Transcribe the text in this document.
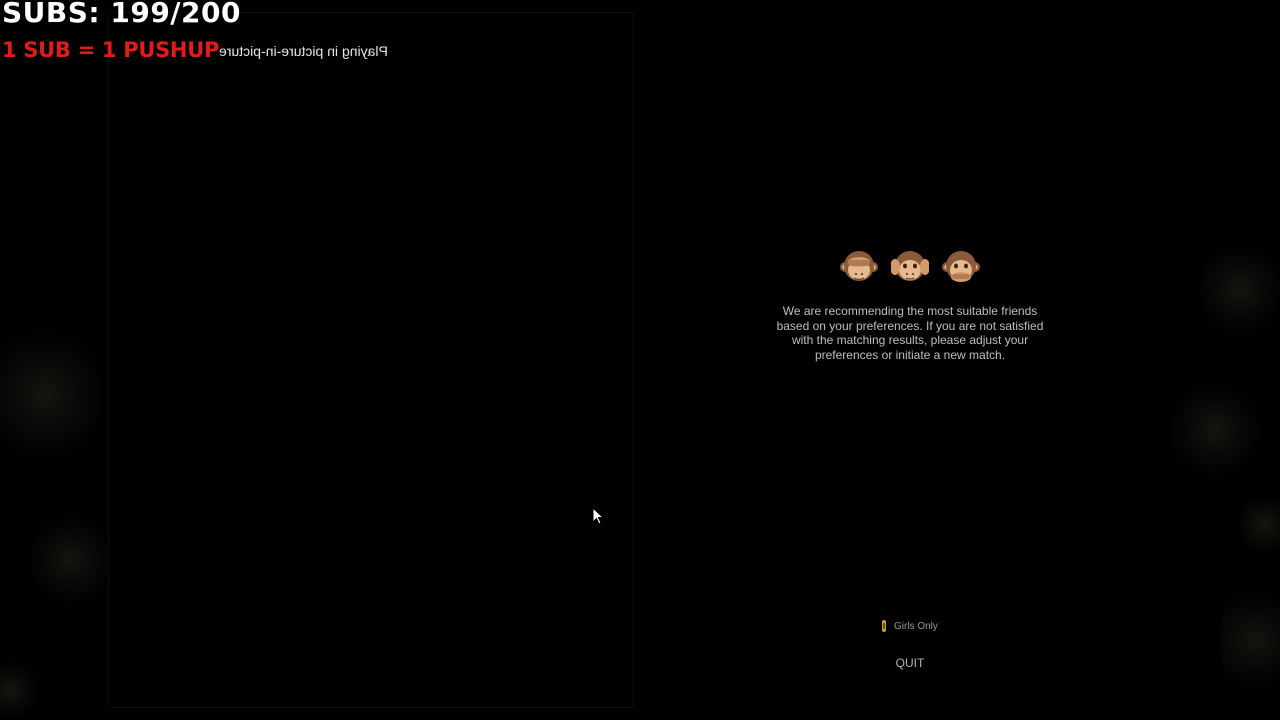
Playing in picture-in-picture
SUBS: 199/200
1 SUB = 1 PUSHUP
We are recommending the most suitable friends based on your preferences. If you are not satisfied with the matching results, please adjust your preferences or initiate a new match.
Girls Only
QUIT
